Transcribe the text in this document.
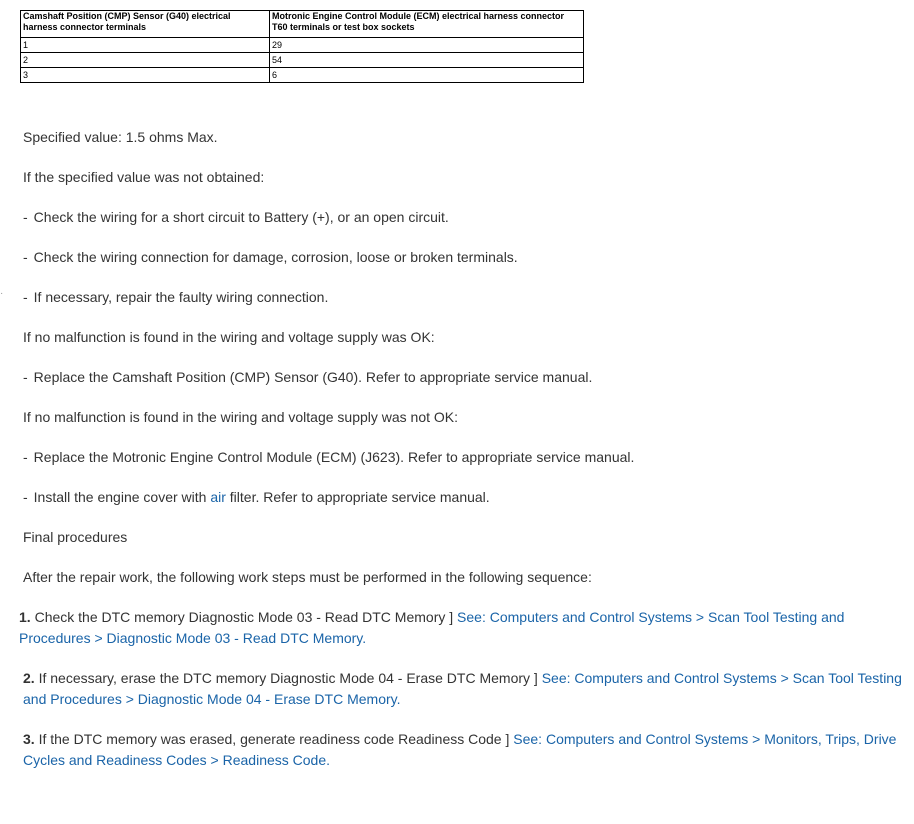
Camshaft Position (CMP) Sensor (G40) electrical harness connector terminals	Motronic Engine Control Module (ECM) electrical harness connector T60 terminals or test box sockets
1	29
2	54
3	6
·
Specified value: 1.5 ohms Max.
If the specified value was not obtained:
- Check the wiring for a short circuit to Battery (+), or an open circuit.
- Check the wiring connection for damage, corrosion, loose or broken terminals.
- If necessary, repair the faulty wiring connection.
If no malfunction is found in the wiring and voltage supply was OK:
- Replace the Camshaft Position (CMP) Sensor (G40). Refer to appropriate service manual.
If no malfunction is found in the wiring and voltage supply was not OK:
- Replace the Motronic Engine Control Module (ECM) (J623). Refer to appropriate service manual.
- Install the engine cover with air filter. Refer to appropriate service manual.
Final procedures
After the repair work, the following work steps must be performed in the following sequence:
1. Check the DTC memory Diagnostic Mode 03 - Read DTC Memory ] See: Computers and Control Systems > Scan Tool Testing and Procedures > Diagnostic Mode 03 - Read DTC Memory.
2. If necessary, erase the DTC memory Diagnostic Mode 04 - Erase DTC Memory ] See: Computers and Control Systems > Scan Tool Testing and Procedures > Diagnostic Mode 04 - Erase DTC Memory.
3. If the DTC memory was erased, generate readiness code Readiness Code ] See: Computers and Control Systems > Monitors, Trips, Drive Cycles and Readiness Codes > Readiness Code.
